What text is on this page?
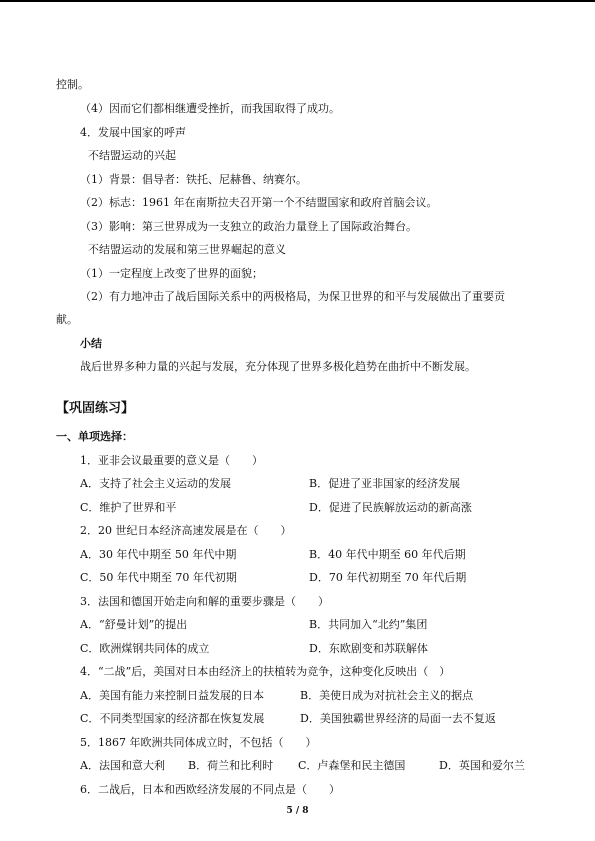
控制。
（4）因而它们都相继遭受挫折，而我国取得了成功。
4．发展中国家的呼声
不结盟运动的兴起
（1）背景：倡导者：铁托、尼赫鲁、纳赛尔。
（2）标志：1961 年在南斯拉夫召开第一个不结盟国家和政府首脑会议。
（3）影响：第三世界成为一支独立的政治力量登上了国际政治舞台。
不结盟运动的发展和第三世界崛起的意义
（1）一定程度上改变了世界的面貌；
（2）有力地冲击了战后国际关系中的两极格局，为保卫世界的和平与发展做出了重要贡
献。
小结
战后世界多种力量的兴起与发展，充分体现了世界多极化趋势在曲折中不断发展。
【巩固练习】
一、单项选择：
1．亚非会议最重要的意义是（　　）
A．支持了社会主义运动的发展	B．促进了亚非国家的经济发展
C．维护了世界和平	D．促进了民族解放运动的新高涨
2．20 世纪日本经济高速发展是在（　　）
A．30 年代中期至 50 年代中期	B．40 年代中期至 60 年代后期
C．50 年代中期至 70 年代初期	D．70 年代初期至 70 年代后期
3．法国和德国开始走向和解的重要步骤是（　　）
A．“舒曼计划”的提出	B．共同加入“北约”集团
C．欧洲煤钢共同体的成立	D．东欧剧变和苏联解体
4．“二战”后，美国对日本由经济上的扶植转为竞争，这种变化反映出（　）
A．美国有能力来控制日益发展的日本	B．美使日成为对抗社会主义的据点
C．不同类型国家的经济都在恢复发展	D．美国独霸世界经济的局面一去不复返
5．1867 年欧洲共同体成立时，不包括（　　）
A．法国和意大利 B．荷兰和比利时 C．卢森堡和民主德国	D．英国和爱尔兰
6．二战后，日本和西欧经济发展的不同点是（　　）
5 / 8
